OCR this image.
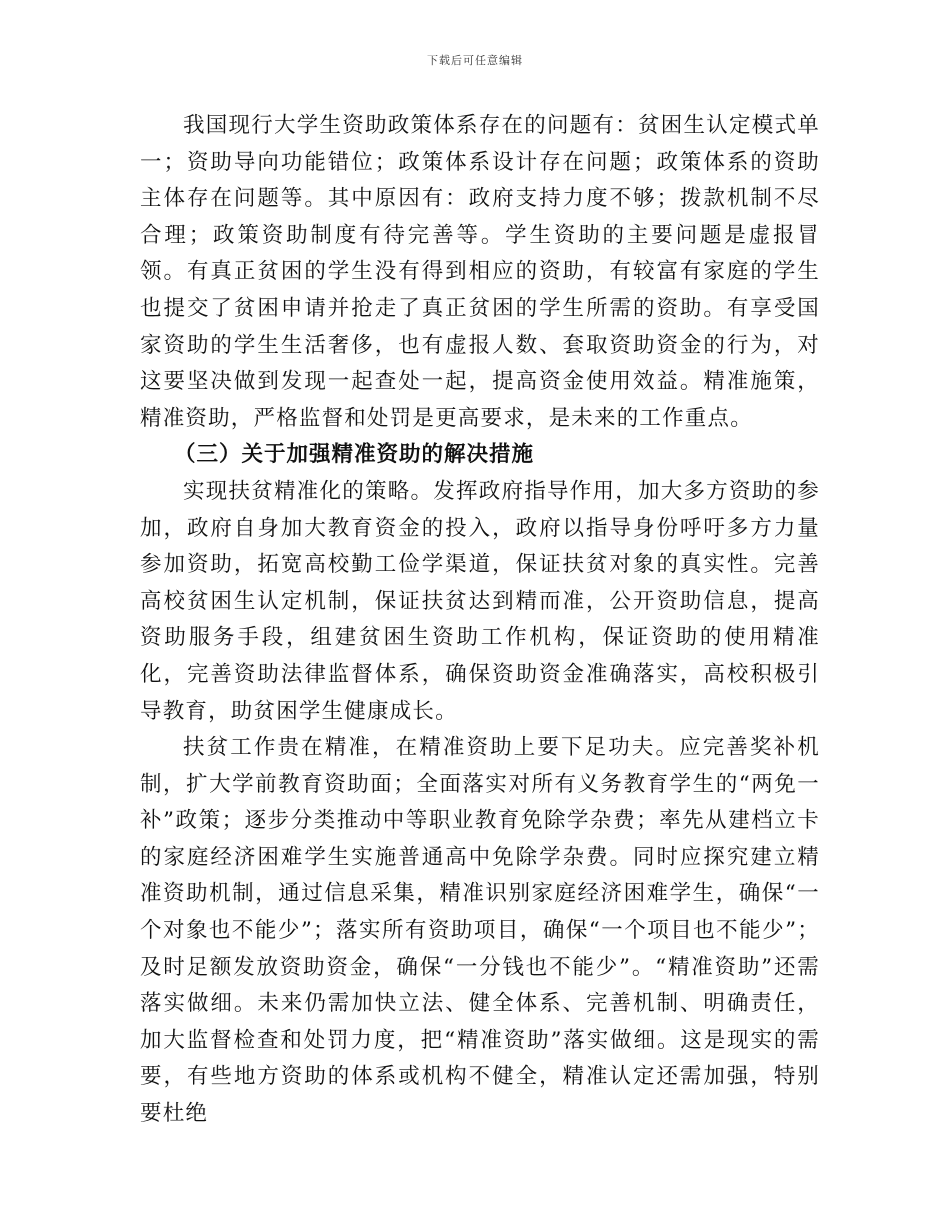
下载后可任意编辑

我国现行大学生资助政策体系存在的问题有：贫困生认定模式单一；资助导向功能错位；政策体系设计存在问题；政策体系的资助主体存在问题等。其中原因有：政府支持力度不够；拨款机制不尽合理；政策资助制度有待完善等。学生资助的主要问题是虚报冒领。有真正贫困的学生没有得到相应的资助，有较富有家庭的学生也提交了贫困申请并抢走了真正贫困的学生所需的资助。有享受国家资助的学生生活奢侈，也有虚报人数、套取资助资金的行为，对这要坚决做到发现一起查处一起，提高资金使用效益。精准施策，精准资助，严格监督和处罚是更高要求，是未来的工作重点。

（三）关于加强精准资助的解决措施

实现扶贫精准化的策略。发挥政府指导作用，加大多方资助的参加，政府自身加大教育资金的投入，政府以指导身份呼吁多方力量参加资助，拓宽高校勤工俭学渠道，保证扶贫对象的真实性。完善高校贫困生认定机制，保证扶贫达到精而准，公开资助信息，提高资助服务手段，组建贫困生资助工作机构，保证资助的使用精准化，完善资助法律监督体系，确保资助资金准确落实，高校积极引导教育，助贫困学生健康成长。

扶贫工作贵在精准，在精准资助上要下足功夫。应完善奖补机制，扩大学前教育资助面；全面落实对所有义务教育学生的“两免一补”政策；逐步分类推动中等职业教育免除学杂费；率先从建档立卡的家庭经济困难学生实施普通高中免除学杂费。同时应探究建立精准资助机制，通过信息采集，精准识别家庭经济困难学生，确保“一个对象也不能少”；落实所有资助项目，确保“一个项目也不能少”；及时足额发放资助资金，确保“一分钱也不能少”。“精准资助”还需落实做细。未来仍需加快立法、健全体系、完善机制、明确责任，加大监督检查和处罚力度，把“精准资助”落实做细。这是现实的需要，有些地方资助的体系或机构不健全，精准认定还需加强，特别要杜绝
